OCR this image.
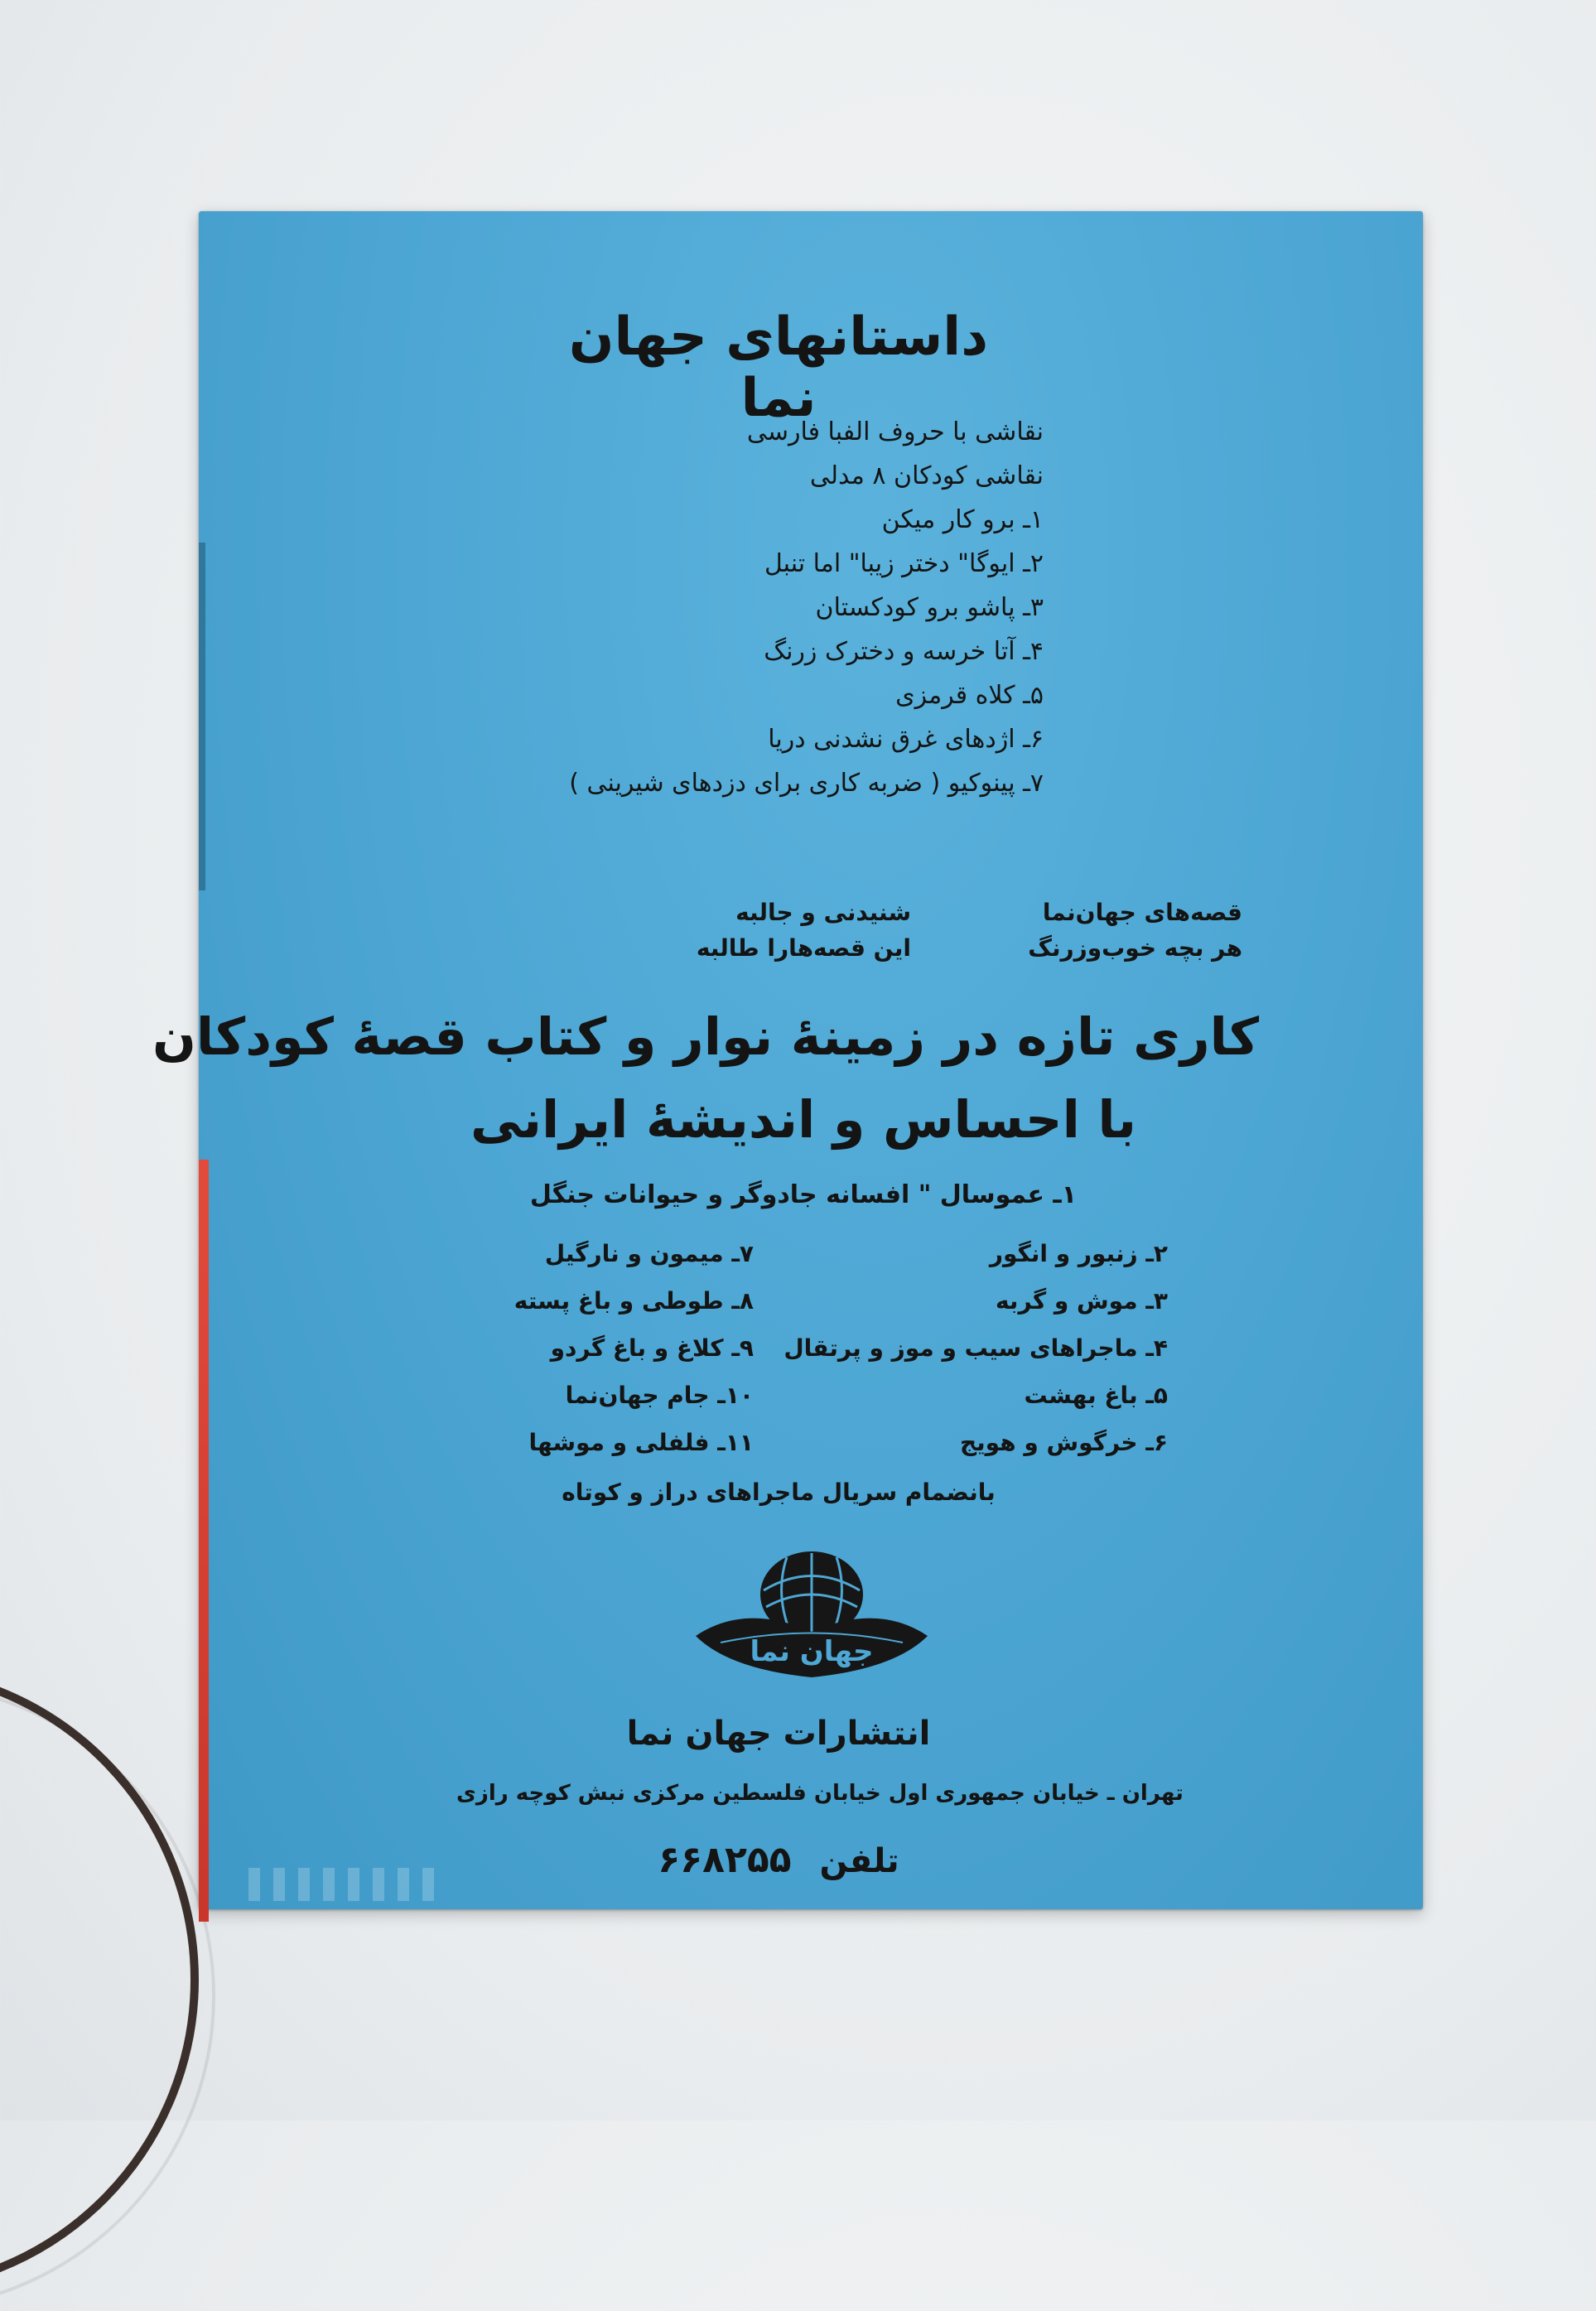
داستانهای جهان نما
نقاشی با حروف الفبا فارسی
نقاشی کودکان ۸ مدلی
۱ـ برو کار میکن
۲ـ ایوگا" دختر زیبا" اما تنبل
۳ـ پاشو برو کودکستان
۴ـ آتا خرسه و دخترک زرنگ
۵ـ کلاه قرمزی
۶ـ اژدهای غرق نشدنی دریا
۷ـ پینوکیو ( ضربه کاری برای دزدهای شیرینی )
قصه‌های جهان‌نما
شنیدنی و جالبه
هر بچه خوب‌وزرنگ
این قصه‌هارا طالبه
کاری تازه در زمینهٔ نوار و کتاب قصهٔ کودکان
با احساس و اندیشهٔ ایرانی
۱ـ عموسال " افسانه جادوگر و حیوانات جنگل
۲ـ زنبور و انگور
۳ـ موش و گربه
۴ـ ماجراهای سیب و موز و پرتقال
۵ـ باغ بهشت
۶ـ خرگوش و هویج
۷ـ میمون و نارگیل
۸ـ طوطی و باغ پسته
۹ـ کلاغ و باغ گردو
۱۰ـ جام جهان‌نما
۱۱ـ فلفلی و موشها
بانضمام سریال ماجراهای دراز و کوتاه
جهان نما
انتشارات جهان نما
تهران ـ خیابان جمهوری اول خیابان فلسطین مرکزی نبش کوچه رازی
تلفن ۶۶۸۲۵۵
